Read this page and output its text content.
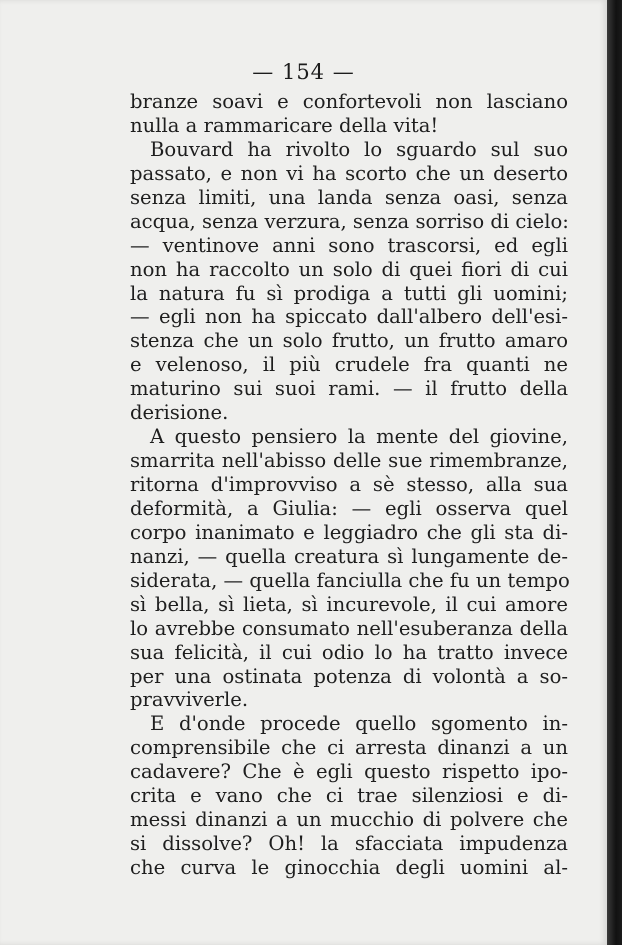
— 154 —
branze soavi e confortevoli non lasciano
nulla a rammaricare della vita!
Bouvard ha rivolto lo sguardo sul suo
passato, e non vi ha scorto che un deserto
senza limiti, una landa senza oasi, senza
acqua, senza verzura, senza sorriso di cielo:
— ventinove anni sono trascorsi, ed egli
non ha raccolto un solo di quei fiori di cui
la natura fu sì prodiga a tutti gli uomini;
— egli non ha spiccato dall'albero dell'esi-
stenza che un solo frutto, un frutto amaro
e velenoso, il più crudele fra quanti ne
maturino sui suoi rami. — il frutto della
derisione.
A questo pensiero la mente del giovine,
smarrita nell'abisso delle sue rimembranze,
ritorna d'improvviso a sè stesso, alla sua
deformità, a Giulia: — egli osserva quel
corpo inanimato e leggiadro che gli sta di-
nanzi, — quella creatura sì lungamente de-
siderata, — quella fanciulla che fu un tempo
sì bella, sì lieta, sì incurevole, il cui amore
lo avrebbe consumato nell'esuberanza della
sua felicità, il cui odio lo ha tratto invece
per una ostinata potenza di volontà a so-
pravviverle.
E d'onde procede quello sgomento in-
comprensibile che ci arresta dinanzi a un
cadavere? Che è egli questo rispetto ipo-
crita e vano che ci trae silenziosi e di-
messi dinanzi a un mucchio di polvere che
si dissolve? Oh! la sfacciata impudenza
che curva le ginocchia degli uomini al-
